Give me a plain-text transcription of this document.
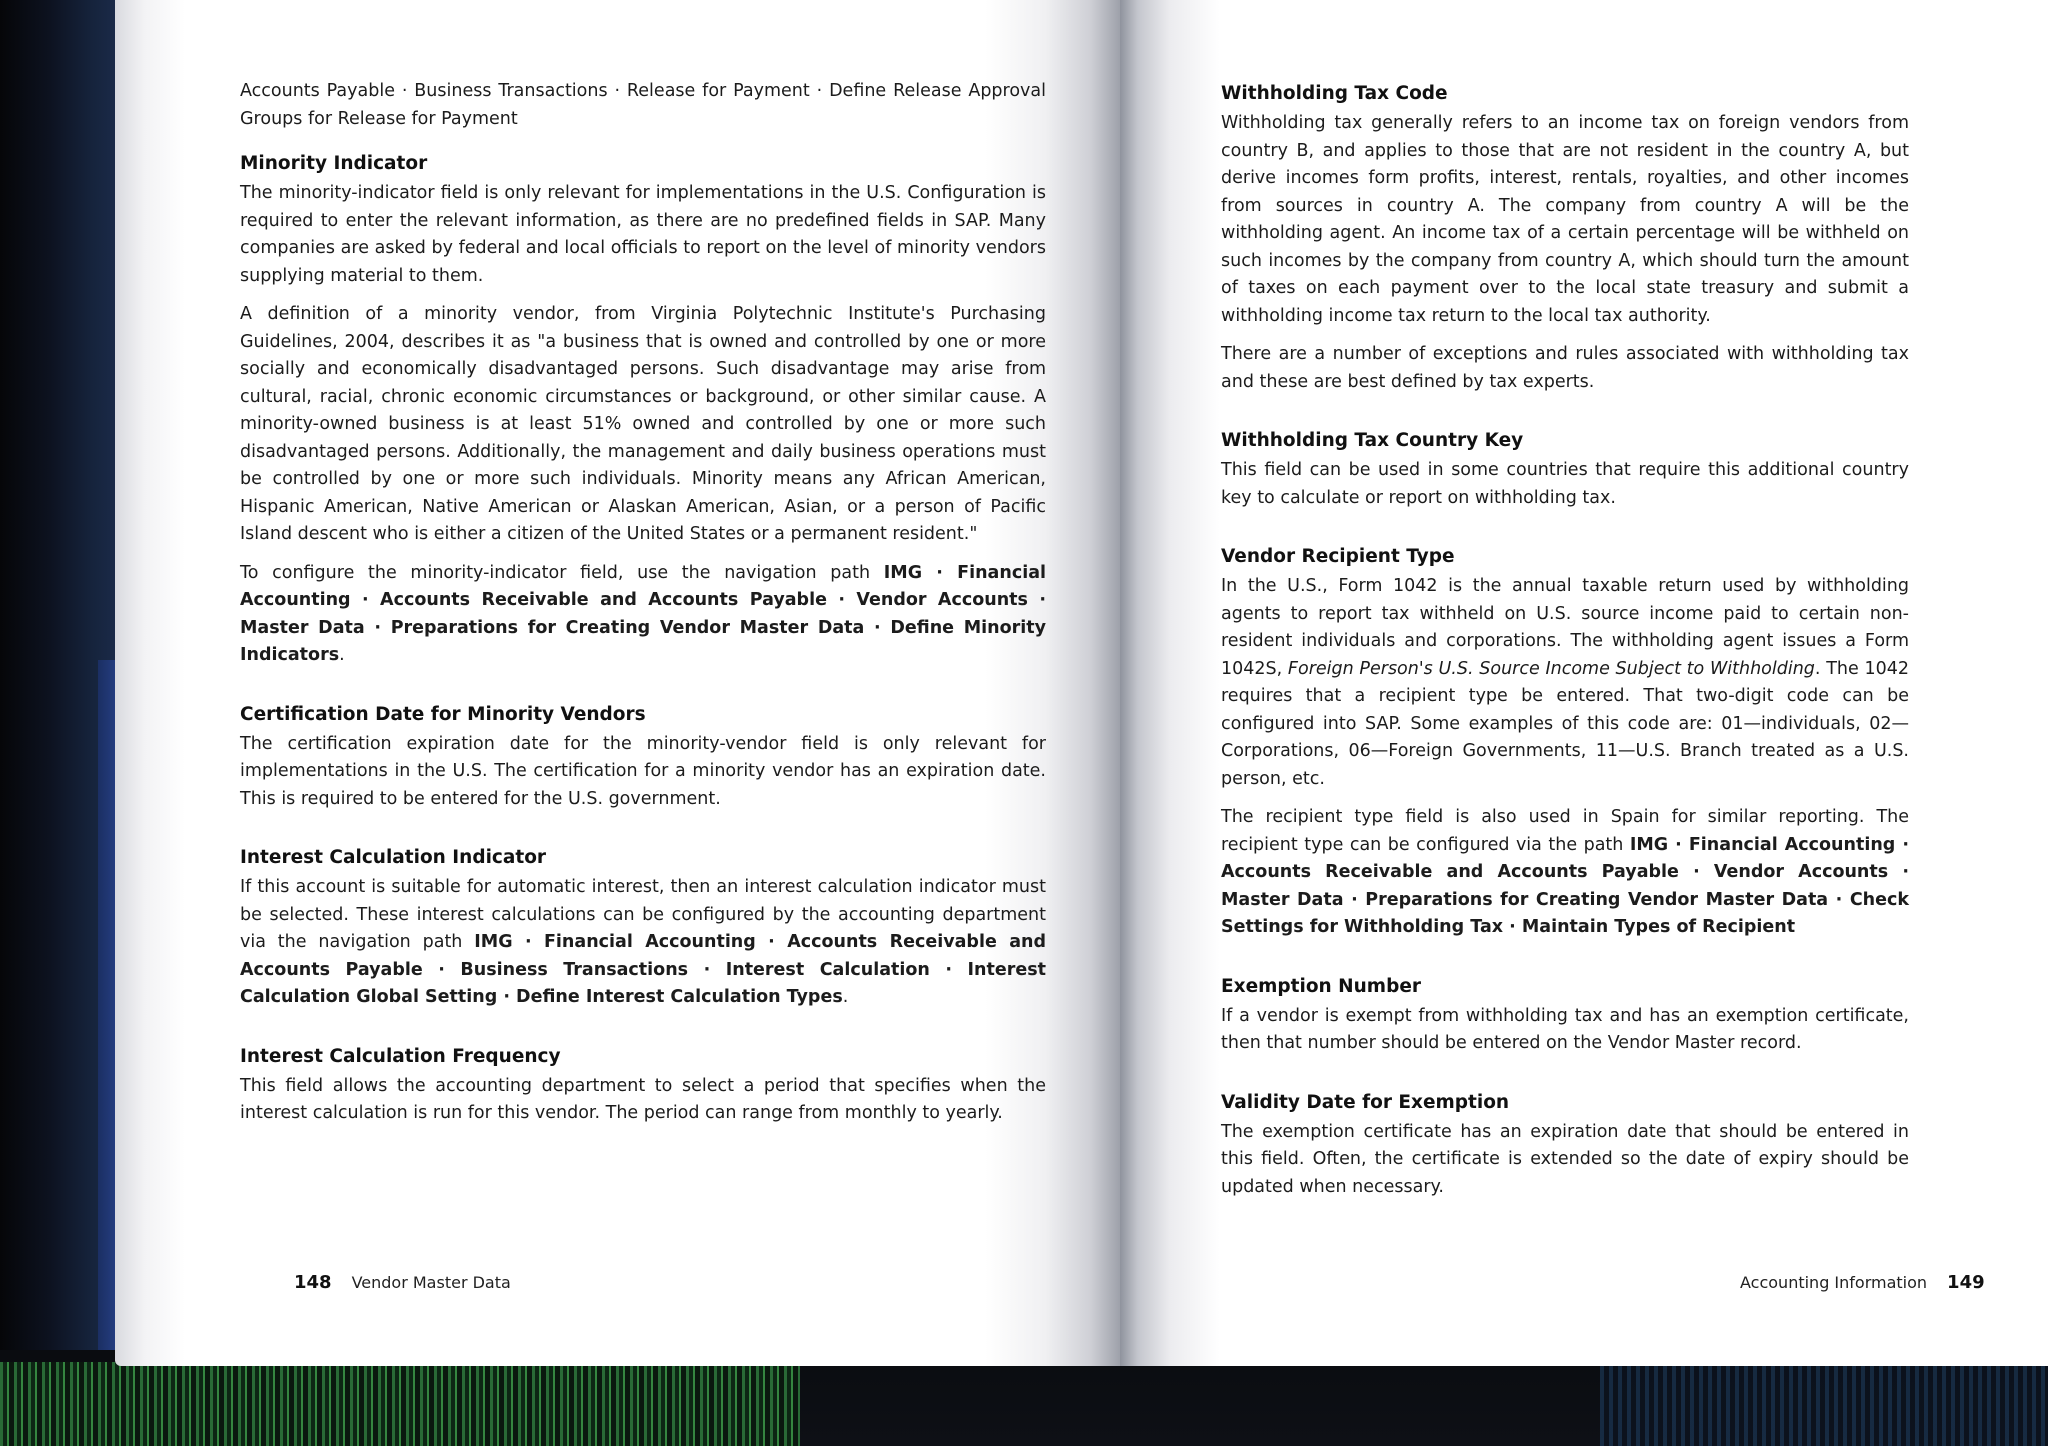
Accounts Payable · Business Transactions · Release for Payment · Define Release Approval Groups for Release for Payment

Minority Indicator

The minority-indicator field is only relevant for implementations in the U.S. Configuration is required to enter the relevant information, as there are no predefined fields in SAP. Many companies are asked by federal and local officials to report on the level of minority vendors supplying material to them.

A definition of a minority vendor, from Virginia Polytechnic Institute's Purchasing Guidelines, 2004, describes it as "a business that is owned and controlled by one or more socially and economically disadvantaged persons. Such disadvantage may arise from cultural, racial, chronic economic circumstances or background, or other similar cause. A minority-owned business is at least 51% owned and controlled by one or more such disadvantaged persons. Additionally, the management and daily business operations must be controlled by one or more such individuals. Minority means any African American, Hispanic American, Native American or Alaskan American, Asian, or a person of Pacific Island descent who is either a citizen of the United States or a permanent resident."

To configure the minority-indicator field, use the navigation path IMG · Financial Accounting · Accounts Receivable and Accounts Payable · Vendor Accounts · Master Data · Preparations for Creating Vendor Master Data · Define Minority Indicators.

Certification Date for Minority Vendors

The certification expiration date for the minority-vendor field is only relevant for implementations in the U.S. The certification for a minority vendor has an expiration date. This is required to be entered for the U.S. government.

Interest Calculation Indicator

If this account is suitable for automatic interest, then an interest calculation indicator must be selected. These interest calculations can be configured by the accounting department via the navigation path IMG · Financial Accounting · Accounts Receivable and Accounts Payable · Business Transactions · Interest Calculation · Interest Calculation Global Setting · Define Interest Calculation Types.

Interest Calculation Frequency

This field allows the accounting department to select a period that specifies when the interest calculation is run for this vendor. The period can range from monthly to yearly.

148 Vendor Master Data
Withholding Tax Code

Withholding tax generally refers to an income tax on foreign vendors from country B, and applies to those that are not resident in the country A, but derive incomes form profits, interest, rentals, royalties, and other incomes from sources in country A. The company from country A will be the withholding agent. An income tax of a certain percentage will be withheld on such incomes by the company from country A, which should turn the amount of taxes on each payment over to the local state treasury and submit a withholding income tax return to the local tax authority.

There are a number of exceptions and rules associated with withholding tax and these are best defined by tax experts.

Withholding Tax Country Key

This field can be used in some countries that require this additional country key to calculate or report on withholding tax.

Vendor Recipient Type

In the U.S., Form 1042 is the annual taxable return used by withholding agents to report tax withheld on U.S. source income paid to certain non-resident individuals and corporations. The withholding agent issues a Form 1042S, Foreign Person's U.S. Source Income Subject to Withholding. The 1042 requires that a recipient type be entered. That two-digit code can be configured into SAP. Some examples of this code are: 01—individuals, 02—Corporations, 06—Foreign Governments, 11—U.S. Branch treated as a U.S. person, etc.

The recipient type field is also used in Spain for similar reporting. The recipient type can be configured via the path IMG · Financial Accounting · Accounts Receivable and Accounts Payable · Vendor Accounts · Master Data · Preparations for Creating Vendor Master Data · Check Settings for Withholding Tax · Maintain Types of Recipient

Exemption Number

If a vendor is exempt from withholding tax and has an exemption certificate, then that number should be entered on the Vendor Master record.

Validity Date for Exemption

The exemption certificate has an expiration date that should be entered in this field. Often, the certificate is extended so the date of expiry should be updated when necessary.

Accounting Information 149
